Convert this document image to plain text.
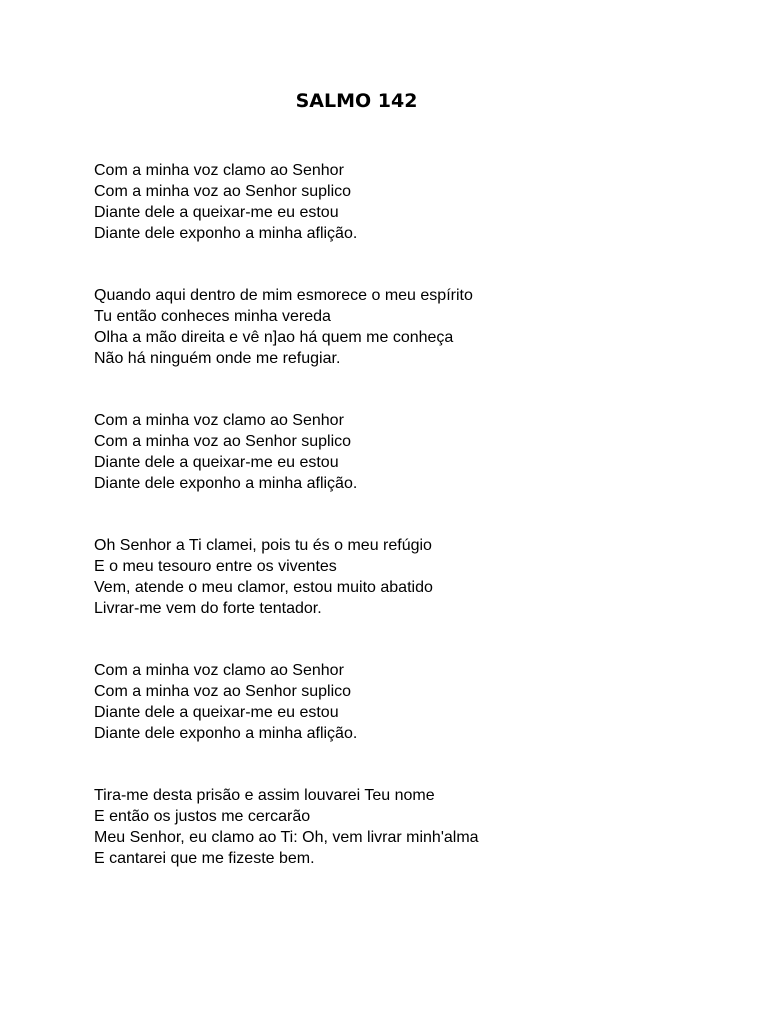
SALMO 142
Com a minha voz clamo ao Senhor
Com a minha voz ao Senhor suplico
Diante dele a queixar-me eu estou
Diante dele exponho a minha aflição.
Quando aqui dentro de mim esmorece o meu espírito
Tu então conheces minha vereda
Olha a mão direita e vê n]ao há quem me conheça
Não há ninguém onde me refugiar.
Com a minha voz clamo ao Senhor
Com a minha voz ao Senhor suplico
Diante dele a queixar-me eu estou
Diante dele exponho a minha aflição.
Oh Senhor a Ti clamei, pois tu és o meu refúgio
E o meu tesouro entre os viventes
Vem, atende o meu clamor, estou muito abatido
Livrar-me vem do forte tentador.
Com a minha voz clamo ao Senhor
Com a minha voz ao Senhor suplico
Diante dele a queixar-me eu estou
Diante dele exponho a minha aflição.
Tira-me desta prisão e assim louvarei Teu nome
E então os justos me cercarão
Meu Senhor, eu clamo ao Ti: Oh, vem livrar minh'alma
E cantarei que me fizeste bem.
